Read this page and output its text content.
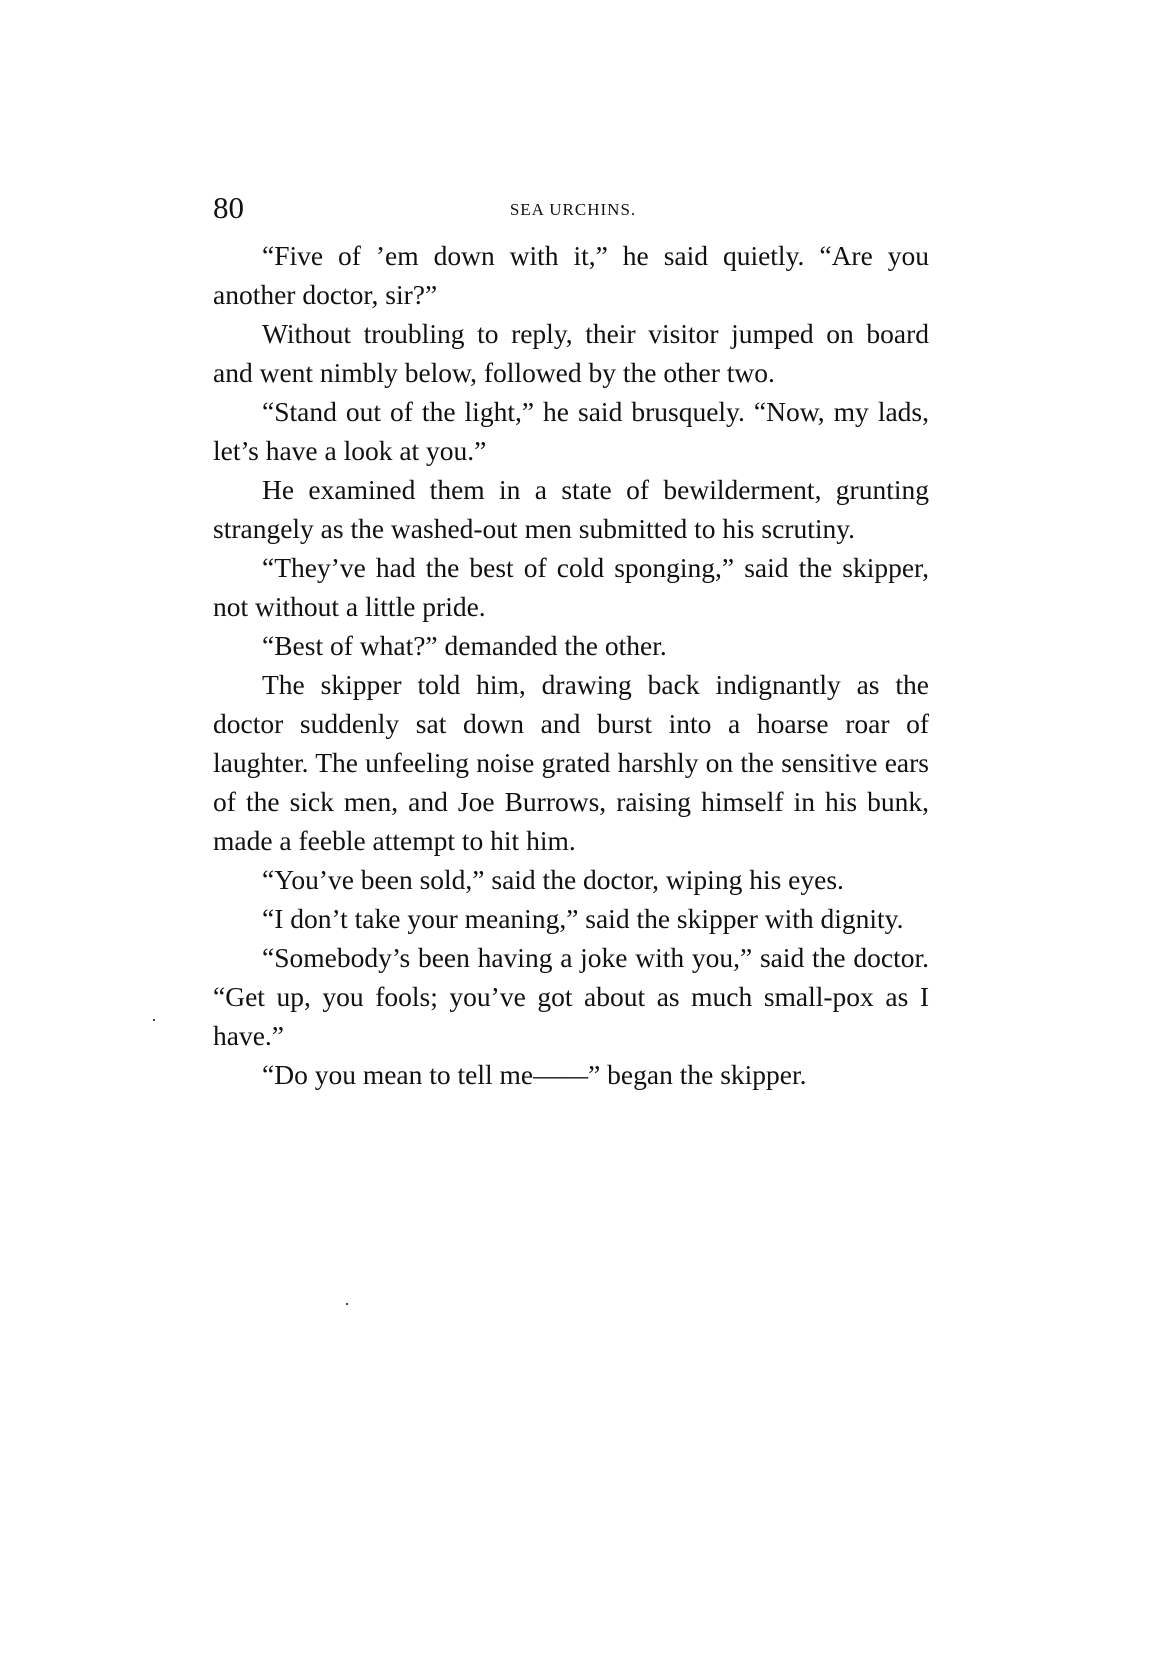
80	SEA URCHINS.

“Five of ’em down with it,” he said quietly. “Are you another doctor, sir?”

Without troubling to reply, their visitor jumped on board and went nimbly below, followed by the other two.

“Stand out of the light,” he said brusquely. “Now, my lads, let’s have a look at you.”

He examined them in a state of bewilderment, grunting strangely as the washed-out men submitted to his scrutiny.

“They’ve had the best of cold sponging,” said the skipper, not without a little pride.

“Best of what?” demanded the other.

The skipper told him, drawing back indignantly as the doctor suddenly sat down and burst into a hoarse roar of laughter. The unfeeling noise grated harshly on the sensitive ears of the sick men, and Joe Burrows, raising himself in his bunk, made a feeble attempt to hit him.

“You’ve been sold,” said the doctor, wiping his eyes.

“I don’t take your meaning,” said the skipper with dignity.

“Somebody’s been having a joke with you,” said the doctor. “Get up, you fools; you’ve got about as much small-pox as I have.”

“Do you mean to tell me——” began the skipper.
